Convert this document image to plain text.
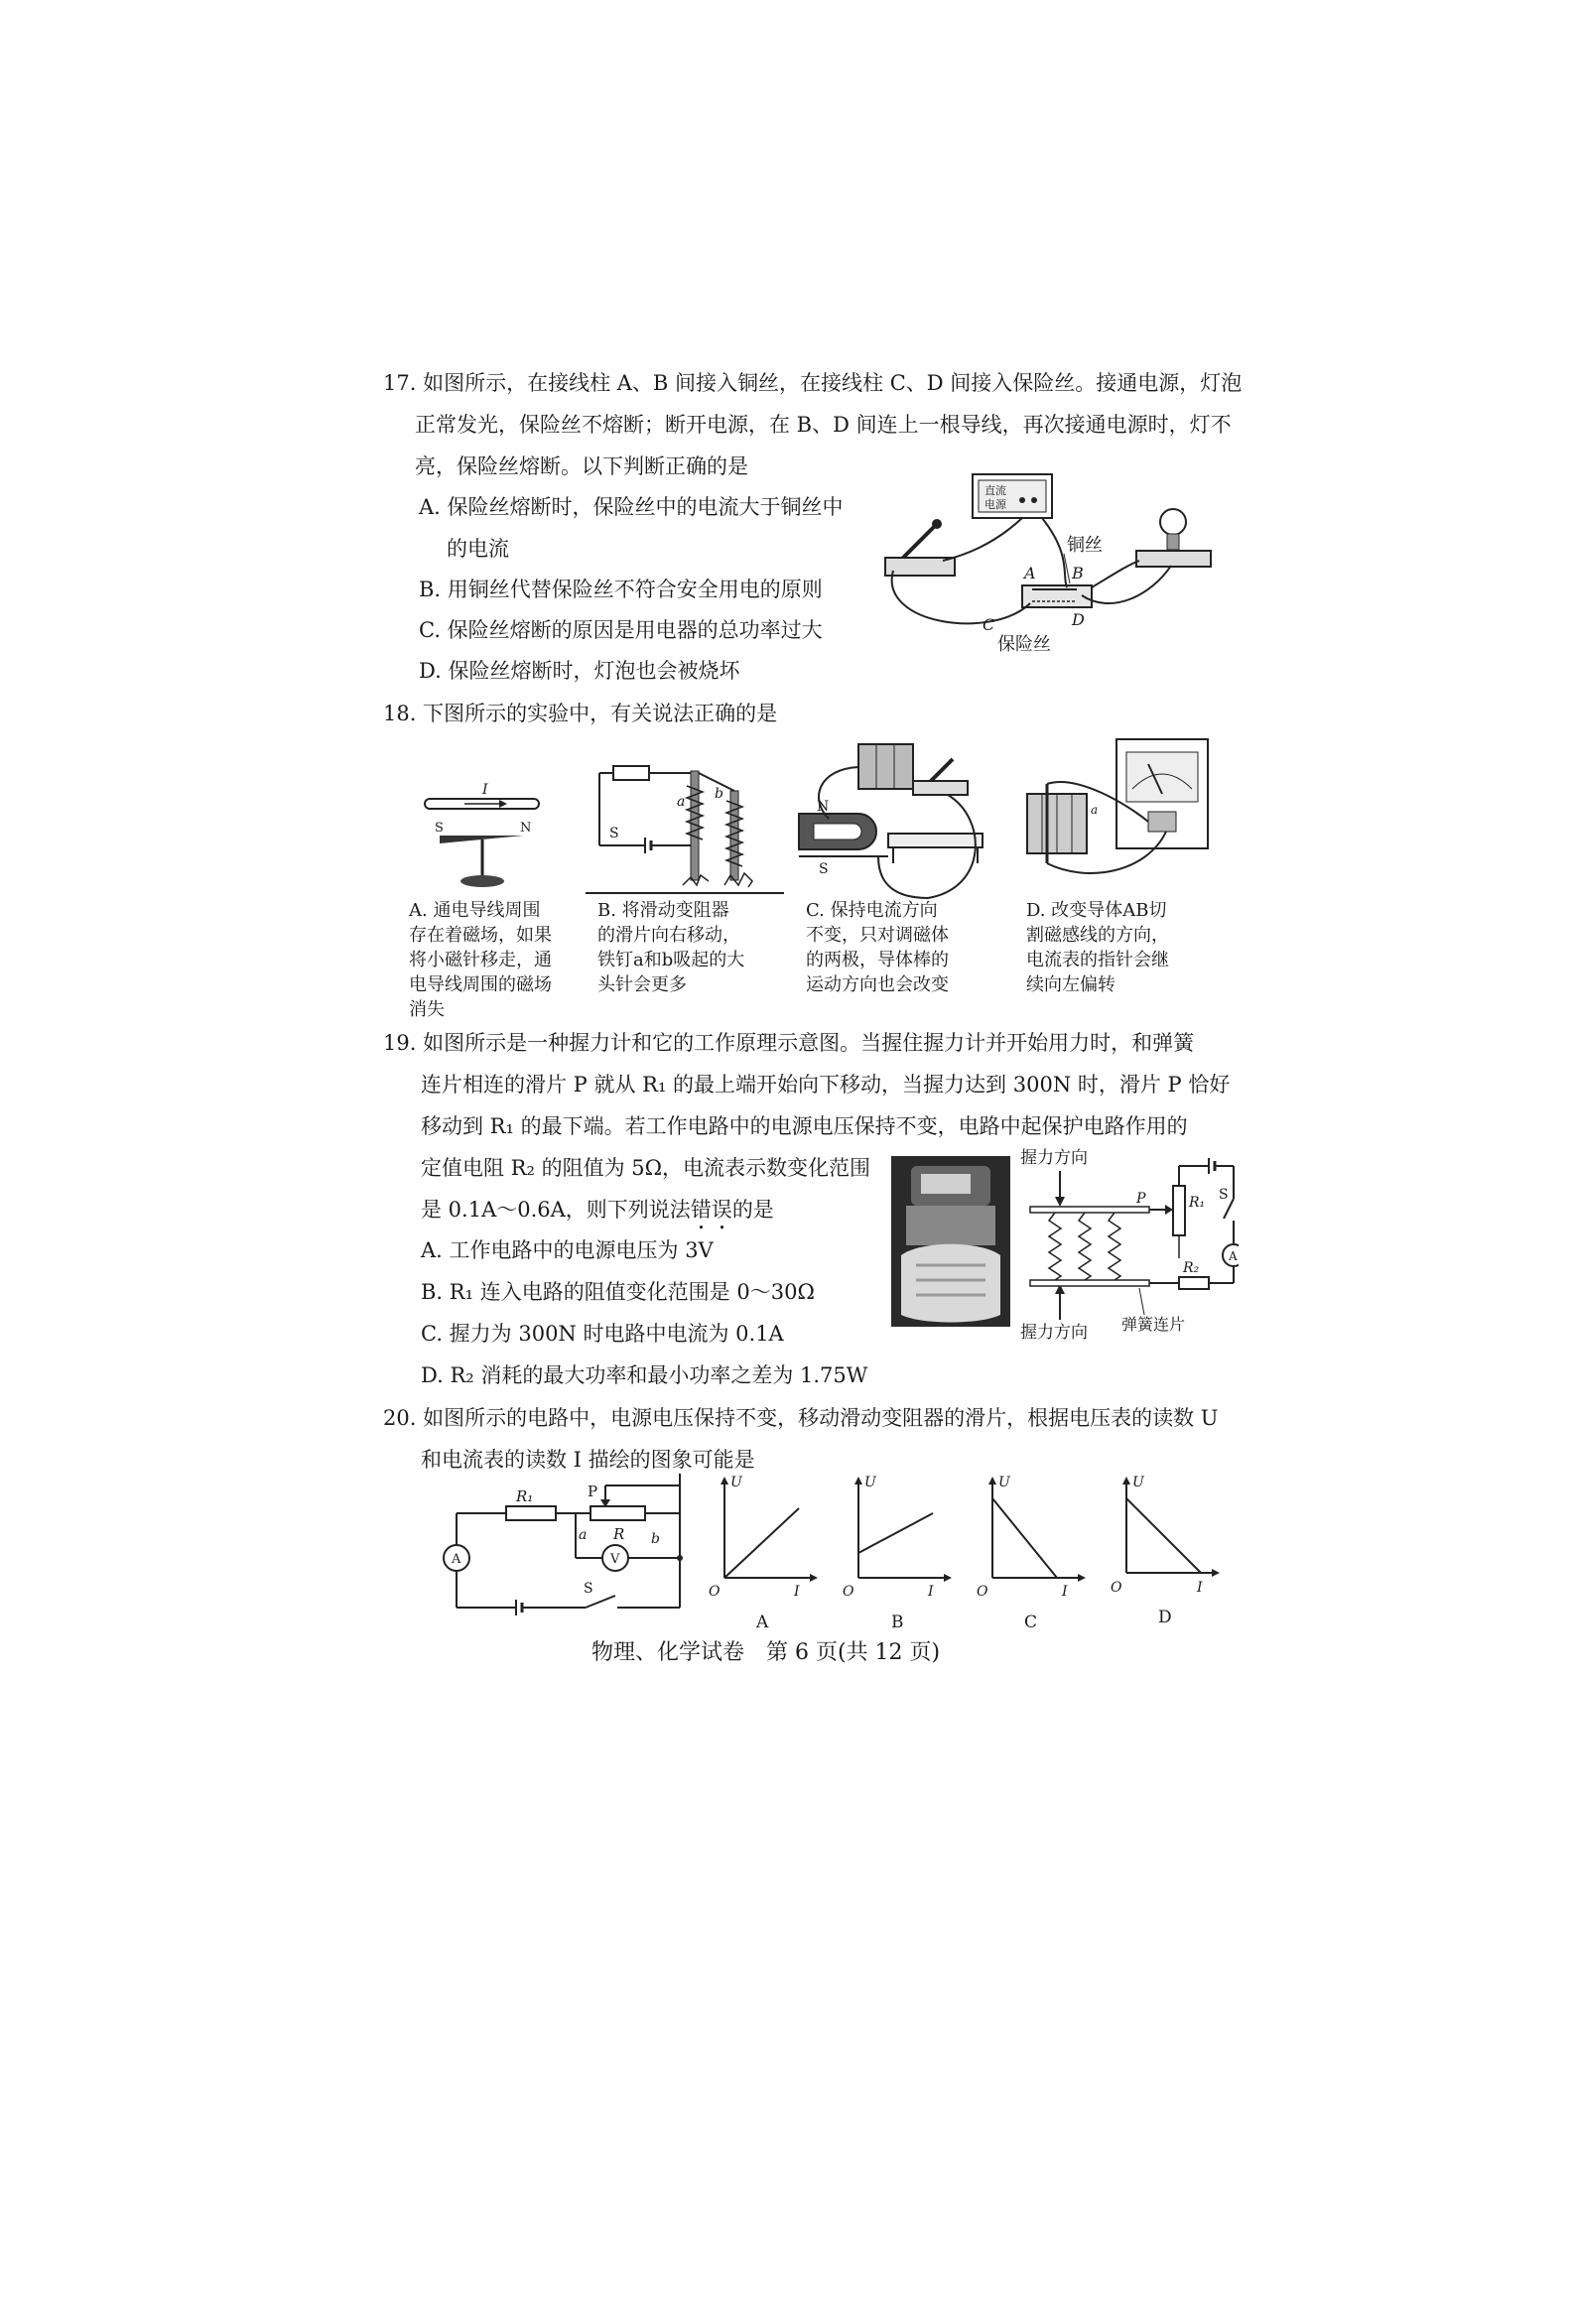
17. 如图所示，在接线柱 A、B 间接入铜丝，在接线柱 C、D 间接入保险丝。接通电源，灯泡
正常发光，保险丝不熔断；断开电源，在 B、D 间连上一根导线，再次接通电源时，灯不
亮，保险丝熔断。以下判断正确的是
A. 保险丝熔断时，保险丝中的电流大于铜丝中
的电流
B. 用铜丝代替保险丝不符合安全用电的原则
C. 保险丝熔断的原因是用电器的总功率过大
D. 保险丝熔断时，灯泡也会被烧坏
直流
电源
铜丝
A B
C	D
保险丝
18. 下图所示的实验中，有关说法正确的是
I
S	N	S
a b
N
S
a
A. 通电导线周围
存在着磁场，如果
将小磁针移走，通
电导线周围的磁场
消失
B. 将滑动变阻器
的滑片向右移动，
铁钉a和b吸起的大
头针会更多
C. 保持电流方向
不变，只对调磁体
的两极，导体棒的
运动方向也会改变
D. 改变导体AB切
割磁感线的方向，
电流表的指针会继
续向左偏转
19. 如图所示是一种握力计和它的工作原理示意图。当握住握力计并开始用力时，和弹簧
连片相连的滑片 P 就从 R₁ 的最上端开始向下移动，当握力达到 300N 时，滑片 P 恰好
移动到 R₁ 的最下端。若工作电路中的电源电压保持不变，电路中起保护电路作用的
定值电阻 R₂ 的阻值为 5Ω，电流表示数变化范围
是 0.1A～0.6A，则下列说法错误的是
A. 工作电路中的电源电压为 3V
B. R₁ 连入电路的阻值变化范围是 0～30Ω
C. 握力为 300N 时电路中电流为 0.1A
D. R₂ 消耗的最大功率和最小功率之差为 1.75W
握力方向
握力方向
P	R₁ S
A
R₂
弹簧连片
20. 如图所示的电路中，电源电压保持不变，移动滑动变阻器的滑片，根据电压表的读数 U
和电流表的读数 I 描绘的图象可能是
R₁	P
a R b
V
A
S
U
I
O
A
U
I
O
B
U
I
O
C
U
I
O
D
物理、化学试卷　第 6 页(共 12 页)
